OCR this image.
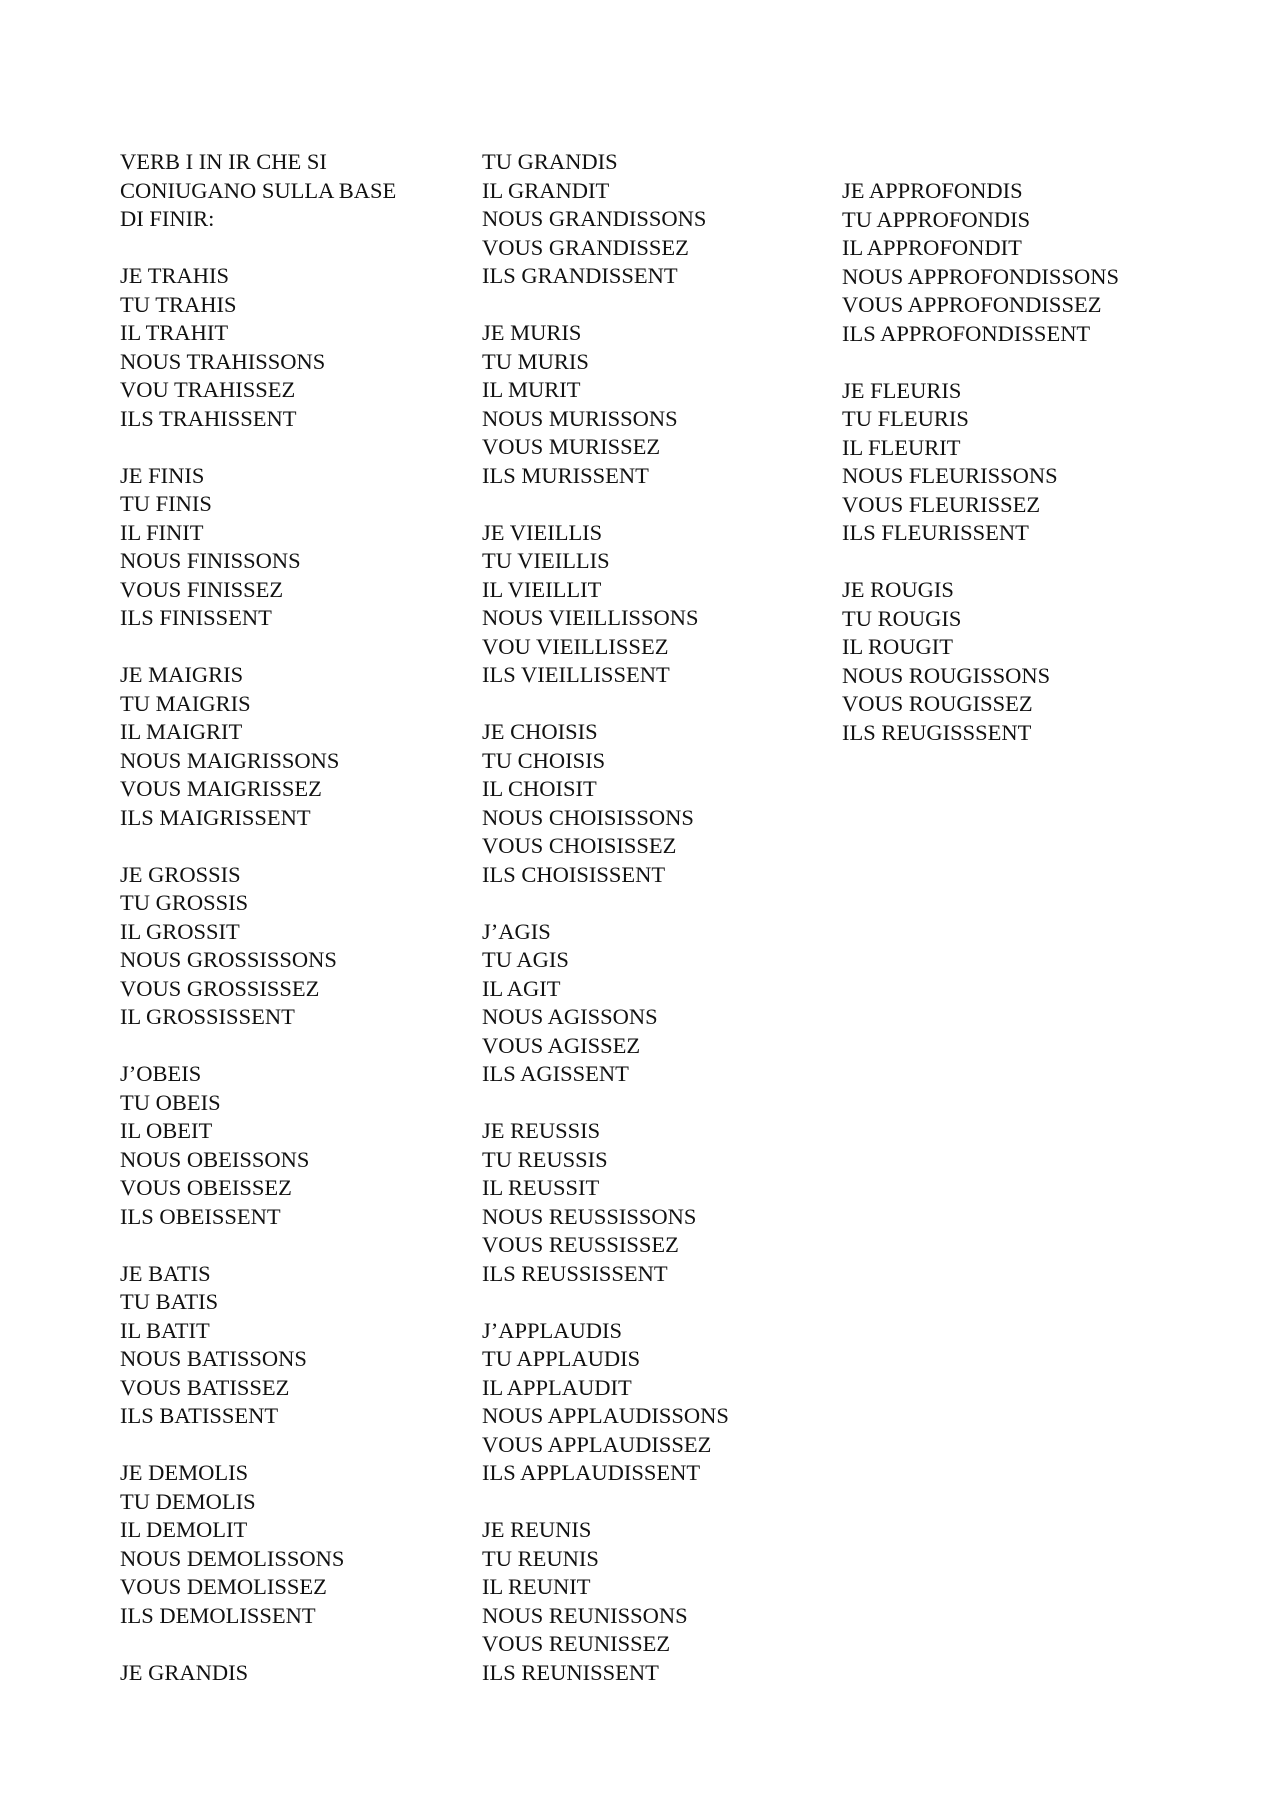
VERB I IN IR CHE SI
CONIUGANO SULLA BASE
DI FINIR:
JE TRAHIS
TU TRAHIS
IL TRAHIT
NOUS TRAHISSONS
VOU TRAHISSEZ
ILS TRAHISSENT
JE FINIS
TU FINIS
IL FINIT
NOUS FINISSONS
VOUS FINISSEZ
ILS FINISSENT
JE MAIGRIS
TU MAIGRIS
IL MAIGRIT
NOUS MAIGRISSONS
VOUS MAIGRISSEZ
ILS MAIGRISSENT
JE GROSSIS
TU GROSSIS
IL GROSSIT
NOUS GROSSISSONS
VOUS GROSSISSEZ
IL GROSSISSENT
J’OBEIS
TU OBEIS
IL OBEIT
NOUS OBEISSONS
VOUS OBEISSEZ
ILS OBEISSENT
JE BATIS
TU BATIS
IL BATIT
NOUS BATISSONS
VOUS BATISSEZ
ILS BATISSENT
JE DEMOLIS
TU DEMOLIS
IL DEMOLIT
NOUS DEMOLISSONS
VOUS DEMOLISSEZ
ILS DEMOLISSENT
JE GRANDIS
TU GRANDIS
IL GRANDIT
NOUS GRANDISSONS
VOUS GRANDISSEZ
ILS GRANDISSENT
JE MURIS
TU MURIS
IL MURIT
NOUS MURISSONS
VOUS MURISSEZ
ILS MURISSENT
JE VIEILLIS
TU VIEILLIS
IL VIEILLIT
NOUS VIEILLISSONS
VOU VIEILLISSEZ
ILS VIEILLISSENT
JE CHOISIS
TU CHOISIS
IL CHOISIT
NOUS CHOISISSONS
VOUS CHOISISSEZ
ILS CHOISISSENT
J’AGIS
TU AGIS
IL AGIT
NOUS AGISSONS
VOUS AGISSEZ
ILS AGISSENT
JE REUSSIS
TU REUSSIS
IL REUSSIT
NOUS REUSSISSONS
VOUS REUSSISSEZ
ILS REUSSISSENT
J’APPLAUDIS
TU APPLAUDIS
IL APPLAUDIT
NOUS APPLAUDISSONS
VOUS APPLAUDISSEZ
ILS APPLAUDISSENT
JE REUNIS
TU REUNIS
IL REUNIT
NOUS REUNISSONS
VOUS REUNISSEZ
ILS REUNISSENT
JE APPROFONDIS
TU APPROFONDIS
IL APPROFONDIT
NOUS APPROFONDISSONS
VOUS APPROFONDISSEZ
ILS APPROFONDISSENT
JE FLEURIS
TU FLEURIS
IL FLEURIT
NOUS FLEURISSONS
VOUS FLEURISSEZ
ILS FLEURISSENT
JE ROUGIS
TU ROUGIS
IL ROUGIT
NOUS ROUGISSONS
VOUS ROUGISSEZ
ILS REUGISSSENT
